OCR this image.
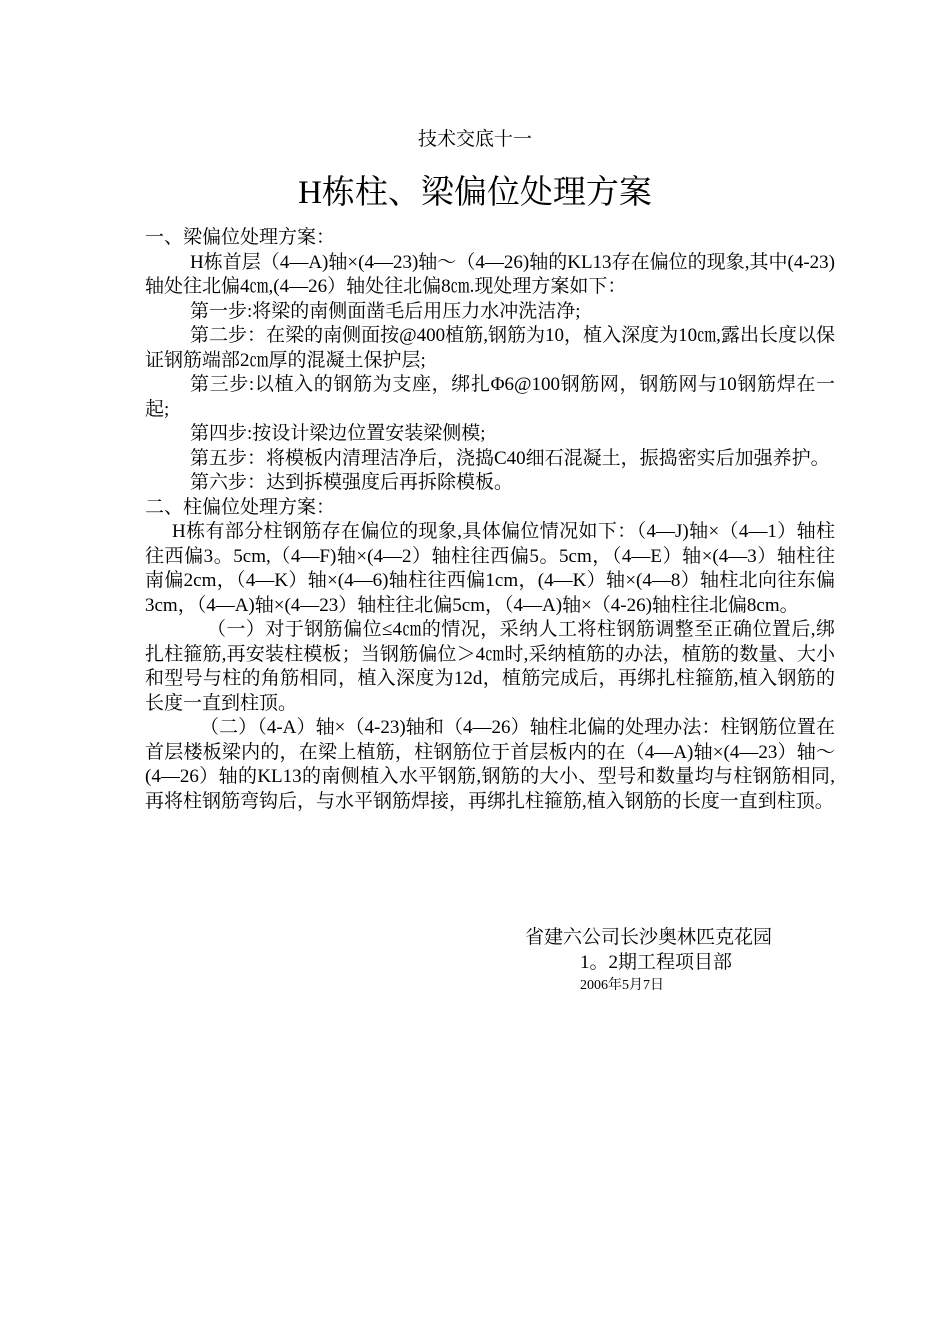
技术交底十一
H栋柱、梁偏位处理方案

一、梁偏位处理方案：

H栋首层（4—A)轴×(4—23)轴～（4—26)轴的KL13存在偏位的现象,其中(4-23)轴处往北偏4㎝,(4—26）轴处往北偏8㎝.现处理方案如下：

第一步:将梁的南侧面凿毛后用压力水冲洗洁净;

第二步：在梁的南侧面按@400植筋,钢筋为10，植入深度为10㎝,露出长度以保证钢筋端部2㎝厚的混凝土保护层;

第三步:以植入的钢筋为支座，绑扎Φ6@100钢筋网，钢筋网与10钢筋焊在一起;

第四步:按设计梁边位置安装梁侧模;

第五步：将模板内清理洁净后，浇捣C40细石混凝土，振捣密实后加强养护。

第六步：达到拆模强度后再拆除模板。

二、柱偏位处理方案：

H栋有部分柱钢筋存在偏位的现象,具体偏位情况如下：（4—J)轴×（4—1）轴柱往西偏3。5cm,（4—F)轴×(4—2）轴柱往西偏5。5cm，（4—E）轴×(4—3）轴柱往南偏2cm，（4—K）轴×(4—6)轴柱往西偏1cm，(4—K）轴×(4—8）轴柱北向往东偏3cm，（4—A)轴×(4—23）轴柱往北偏5cm，（4—A)轴×（4-26)轴柱往北偏8cm。

（一）对于钢筋偏位≤4㎝的情况，采纳人工将柱钢筋调整至正确位置后,绑扎柱箍筋,再安装柱模板；当钢筋偏位＞4㎝时,采纳植筋的办法，植筋的数量、大小和型号与柱的角筋相同，植入深度为12d，植筋完成后，再绑扎柱箍筋,植入钢筋的长度一直到柱顶。

（二）（4-A）轴×（4-23)轴和（4—26）轴柱北偏的处理办法：柱钢筋位置在首层楼板梁内的，在梁上植筋，柱钢筋位于首层板内的在（4—A)轴×(4—23）轴～(4—26）轴的KL13的南侧植入水平钢筋,钢筋的大小、型号和数量均与柱钢筋相同,再将柱钢筋弯钩后，与水平钢筋焊接，再绑扎柱箍筋,植入钢筋的长度一直到柱顶。

省建六公司长沙奥林匹克花园
1。2期工程项目部
2006年5月7日
